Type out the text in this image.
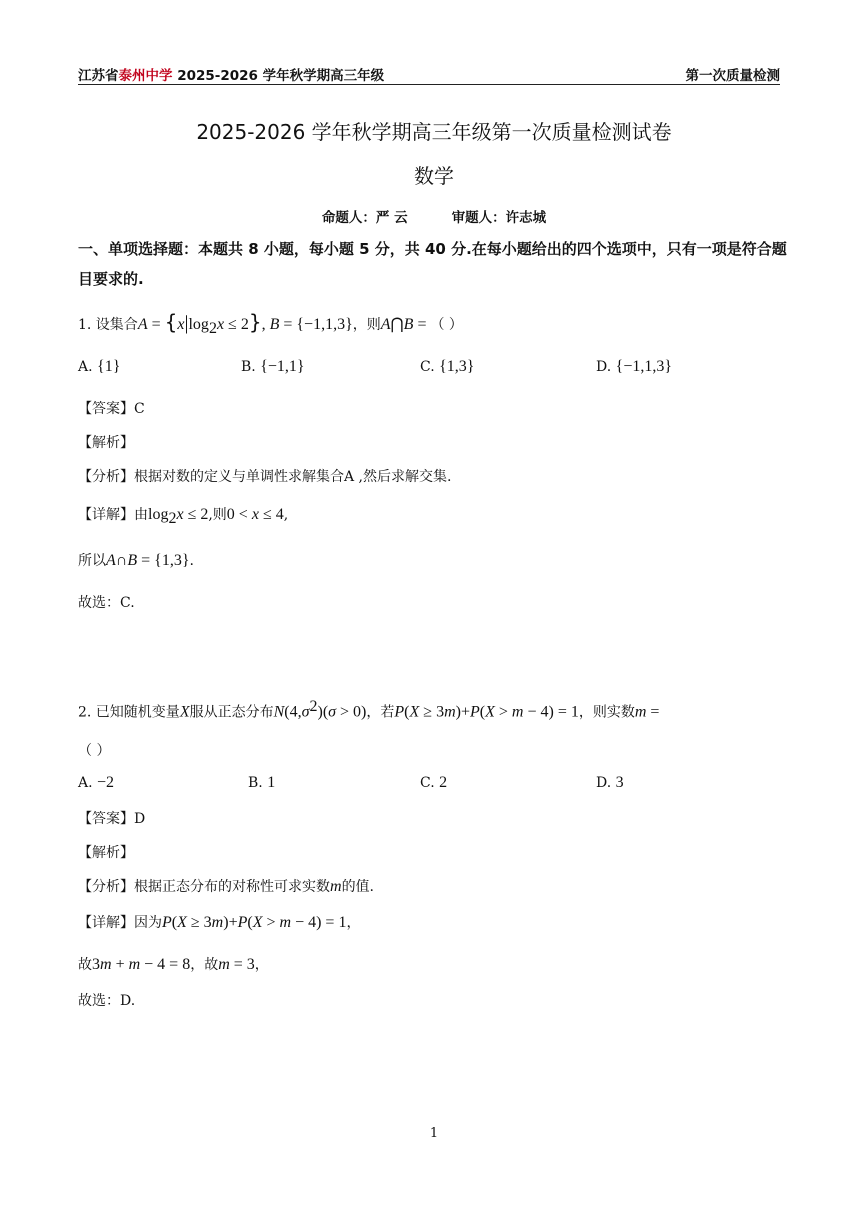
江苏省泰州中学 2025-2026 学年秋学期高三年级	第一次质量检测
2025-2026 学年秋学期高三年级第一次质量检测试卷
数学
命题人：严 云	审题人：许志城
一、单项选择题：本题共 8 小题，每小题 5 分，共 40 分.在每小题给出的四个选项中，只有一项是符合题目要求的.
1. 设集合$A = \{x|\log_2x \le 2\}$, B = {−1,1,3}，则A⋂B = （ ）
A. {1}	B. {−1,1}	C. {1,3}	D. {−1,1,3}
【答案】C
【解析】
【分析】根据对数的定义与单调性求解集合A ,然后求解交集.
【详解】由$\log_2x \le 2$,则0 < x ≤ 4,
所以A∩B = {1,3}.
故选：C.
2. 已知随机变量X服从正态分布$N(4,\sigma^2)(\sigma > 0)$，若P(X ≥ 3m)+P(X > m − 4) = 1，则实数m =
（ ）
A. −2	B. 1	C. 2	D. 3
【答案】D
【解析】
【分析】根据正态分布的对称性可求实数m的值.
【详解】因为P(X ≥ 3m)+P(X > m − 4) = 1，
故3m + m − 4 = 8，故m = 3，
故选：D.
1
